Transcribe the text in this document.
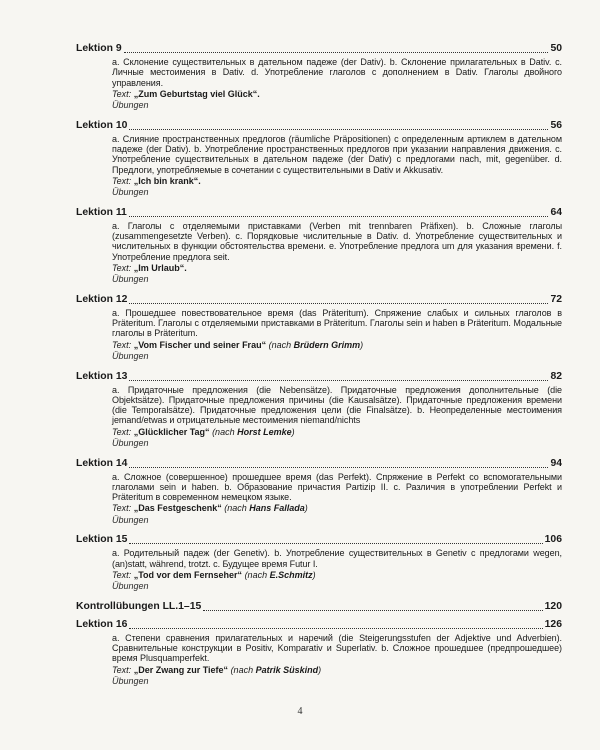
Lektion 9	50
a. Склонение существительных в дательном падеже (der Dativ). b. Склонение прилагательных в Dativ. c. Личные местоимения в Dativ. d. Употребление глаголов с дополнением в Dativ. Глаголы двойного управления.
Text: „Zum Geburtstag viel Glück“.
Übungen
Lektion 10	56
a. Слияние пространственных предлогов (räumliche Präpositionen) с определенным артиклем в дательном падеже (der Dativ). b. Употребление пространственных предлогов при указании направления движения. c. Употребление существительных в дательном падеже (der Dativ) с предлогами nach, mit, gegenüber. d. Предлоги, употребляемые в сочетании с существительными в Dativ и Akkusativ.
Text: „Ich bin krank“.
Übungen
Lektion 11	64
a. Глаголы с отделяемыми приставками (Verben mit trennbaren Präfixen). b. Сложные глаголы (zusammengesetzte Verben). c. Порядковые числительные в Dativ. d. Употребление существительных и числительных в функции обстоятельства времени. e. Употребление предлога um для указания времени. f. Употребление предлога seit.
Text: „Im Urlaub“.
Übungen
Lektion 12	72
a. Прошедшее повествовательное время (das Präteritum). Спряжение слабых и сильных глаголов в Präteritum. Глаголы с отделяемыми приставками в Präteritum. Глаголы sein и haben в Präteritum. Модальные глаголы в Präteritum.
Text: „Vom Fischer und seiner Frau“ (nach Brüdern Grimm)
Übungen
Lektion 13	82
a. Придаточные предложения (die Nebensätze). Придаточные предложения дополнительные (die Objektsätze). Придаточные предложения причины (die Kausalsätze). Придаточные предложения времени (die Temporalsätze). Придаточные предложения цели (die Finalsätze). b. Неопределенные местоимения jemand/etwas и отрицательные местоимения niemand/nichts
Text: „Glücklicher Tag“ (nach Horst Lemke)
Übungen
Lektion 14	94
a. Сложное (совершенное) прошедшее время (das Perfekt). Спряжение в Perfekt со вспомогательными глаголами sein и haben. b. Образование причастия Partizip II. c. Различия в употреблении Perfekt и Präteritum в современном немецком языке.
Text: „Das Festgeschenk“ (nach Hans Fallada)
Übungen
Lektion 15	106
a. Родительный падеж (der Genetiv). b. Употребление существительных в Genetiv с предлогами wegen, (an)statt, während, trotzt. c. Будущее время Futur I.
Text: „Tod vor dem Fernseher“ (nach E.Schmitz)
Übungen
Kontrollübungen LL.1–15	120
Lektion 16	126
a. Степени сравнения прилагательных и наречий (die Steigerungsstufen der Adjektive und Adverbien). Сравнительные конструкции в Positiv, Komparativ и Superlativ. b. Сложное прошедшее (предпрошедшее) время Plusquamperfekt.
Text: „Der Zwang zur Tiefe“ (nach Patrik Süskind)
Übungen
4
